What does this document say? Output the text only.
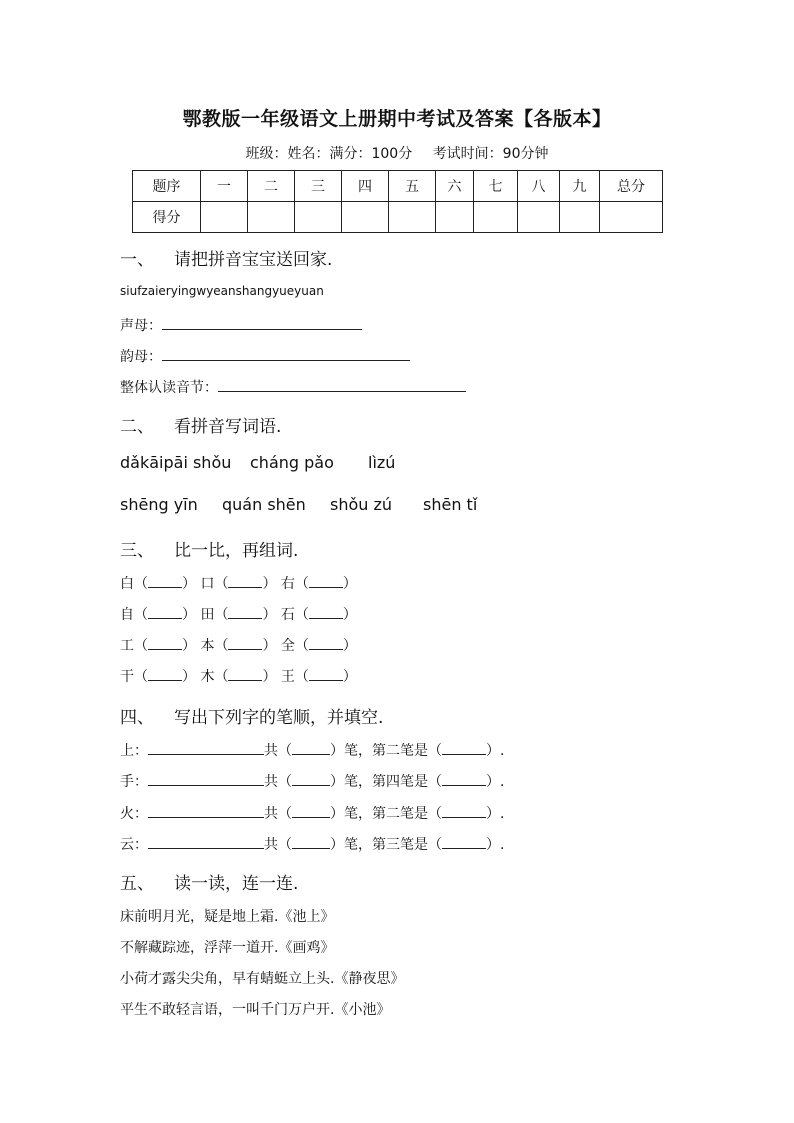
鄂教版一年级语文上册期中考试及答案【各版本】
班级：姓名：满分：100分 考试时间：90分钟
题序	一	二	三	四	五	六	七	八	九	总分
得分										
一、 请把拼音宝宝送回家.
siufzaieryingwyeanshangyueyuan
声母：
韵母：
整体认读音节：
二、 看拼音写词语.
dǎkāipāi shǒu cháng pǎo lìzú
shēng yīn quán shēn shǒu zú shēn tǐ
三、 比一比，再组词.
白（ ） 口（ ） 右（ ）
自（ ） 田（ ） 石（ ）
工（ ） 本（ ） 全（ ）
干（ ） 木（ ） 王（ ）
四、 写出下列字的笔顺，并填空.
上：	共（	）笔，第二笔是（	）.
手：	共（	）笔，第四笔是（	）.
火：	共（	）笔，第二笔是（	）.
云：	共（	）笔，第三笔是（	）.
五、 读一读，连一连.
床前明月光，疑是地上霜.《池上》
不解藏踪迹，浮萍一道开.《画鸡》
小荷才露尖尖角，早有蜻蜓立上头.《静夜思》
平生不敢轻言语，一叫千门万户开.《小池》
